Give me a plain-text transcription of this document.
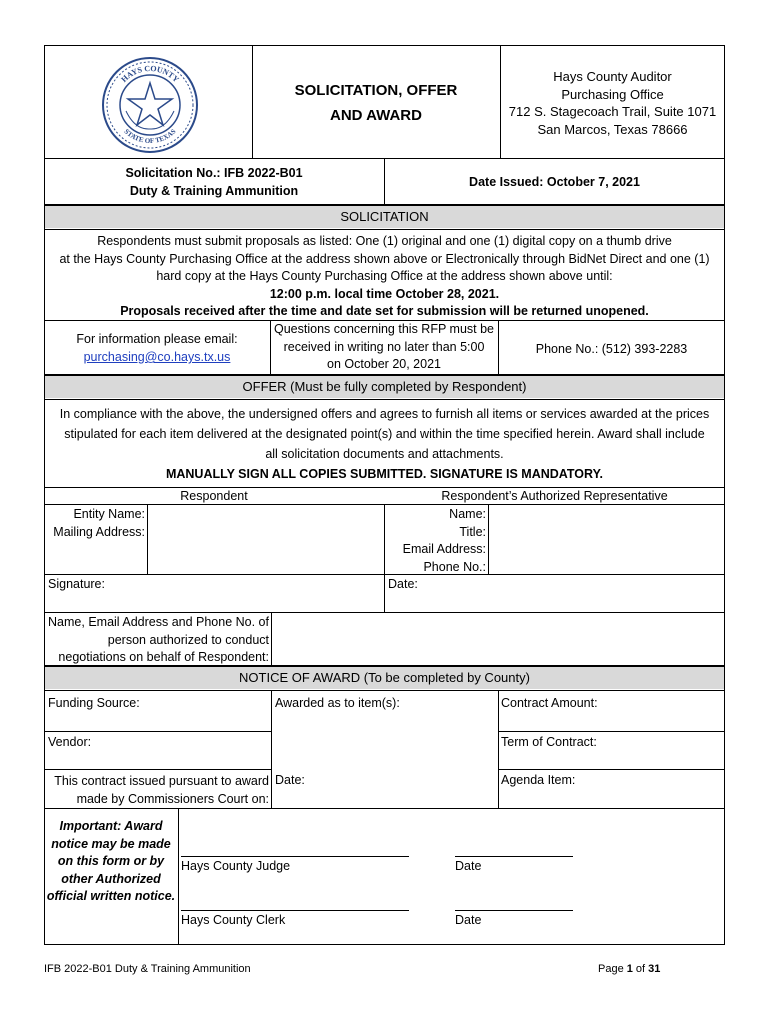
HAYS COUNTY
STATE OF TEXAS
SOLICITATION, OFFER
AND AWARD
Hays County Auditor
Purchasing Office
712 S. Stagecoach Trail, Suite 1071
San Marcos, Texas 78666
Solicitation No.: IFB 2022-B01
Duty & Training Ammunition
Date Issued: October 7, 2021
SOLICITATION
Respondents must submit proposals as listed: One (1) original and one (1) digital copy on a thumb drive
at the Hays County Purchasing Office at the address shown above or Electronically through BidNet Direct and one (1)
hard copy at the Hays County Purchasing Office at the address shown above until:
12:00 p.m. local time October 28, 2021.
Proposals received after the time and date set for submission will be returned unopened.
For information please email:
purchasing@co.hays.tx.us
Questions concerning this RFP must be
received in writing no later than 5:00
on October 20, 2021
Phone No.: (512) 393-2283
OFFER (Must be fully completed by Respondent)
In compliance with the above, the undersigned offers and agrees to furnish all items or services awarded at the prices
stipulated for each item delivered at the designated point(s) and within the time specified herein. Award shall include
all solicitation documents and attachments.
MANUALLY SIGN ALL COPIES SUBMITTED. SIGNATURE IS MANDATORY.
Respondent	Respondent’s Authorized Representative
Entity Name:
Mailing Address:
Name:
Title:
Email Address:
Phone No.:
Signature:	Date:
Name, Email Address and Phone No. of
person authorized to conduct
negotiations on behalf of Respondent:
NOTICE OF AWARD (To be completed by County)
Funding Source:	Awarded as to item(s):	Contract Amount:
Vendor:	Term of Contract:
This contract issued pursuant to award
made by Commissioners Court on:
Date:	Agenda Item:
Important: Award
notice may be made
on this form or by
other Authorized
official written notice.
Hays County Judge	Date
Hays County Clerk	Date
IFB 2022-B01 Duty & Training Ammunition	Page 1 of 31
